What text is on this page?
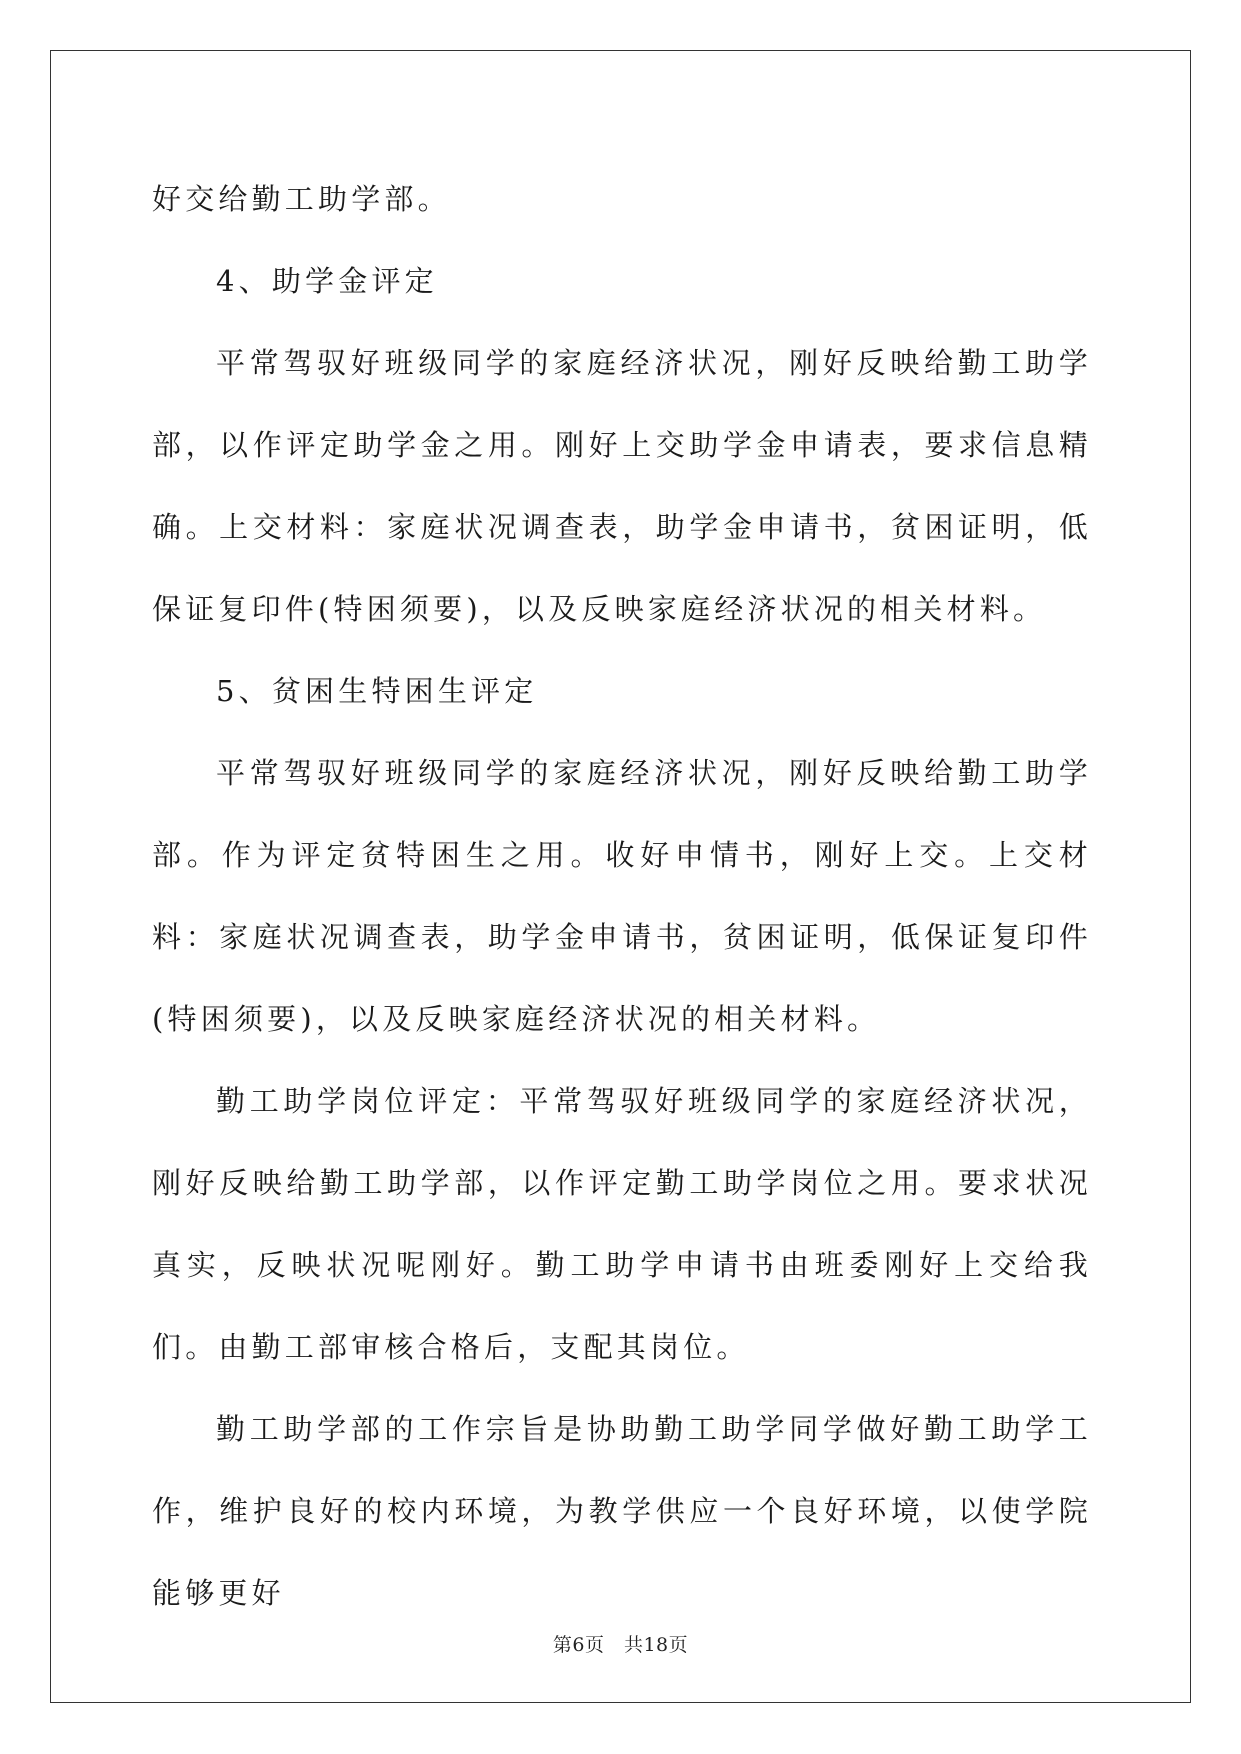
好交给勤工助学部。

4、助学金评定

平常驾驭好班级同学的家庭经济状况，刚好反映给勤工助学部，以作评定助学金之用。刚好上交助学金申请表，要求信息精确。上交材料：家庭状况调查表，助学金申请书，贫困证明，低保证复印件(特困须要)，以及反映家庭经济状况的相关材料。

5、贫困生特困生评定

平常驾驭好班级同学的家庭经济状况，刚好反映给勤工助学部。作为评定贫特困生之用。收好申情书，刚好上交。上交材料：家庭状况调查表，助学金申请书，贫困证明，低保证复印件(特困须要)，以及反映家庭经济状况的相关材料。

勤工助学岗位评定：平常驾驭好班级同学的家庭经济状况，刚好反映给勤工助学部，以作评定勤工助学岗位之用。要求状况真实，反映状况呢刚好。勤工助学申请书由班委刚好上交给我们。由勤工部审核合格后，支配其岗位。

勤工助学部的工作宗旨是协助勤工助学同学做好勤工助学工作，维护良好的校内环境，为教学供应一个良好环境，以使学院能够更好

第6页　共18页
